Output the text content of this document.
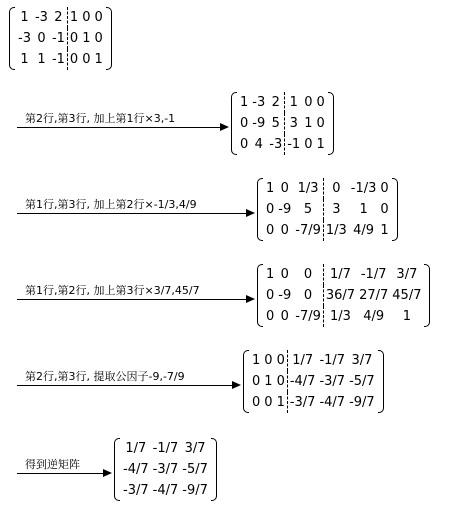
1	-3	2	1	0	0
-3	0	-1	0	1	0
1	1	-1	0	0	1
第2行,第3行, 加上第1行×3,-1
1	-3	2	1	0	0
0	-9	5	3	1	0
0	4	-3	-1	0	1
第1行,第3行, 加上第2行×-1/3,4/9
1	0	1/3	0	-1/3	0
0	-9	5	3	1	0
0	0	-7/9	1/3	4/9	1
第1行,第2行, 加上第3行×3/7,45/7
1	0	0	1/7	-1/7	3/7
0	-9	0	36/7	27/7	45/7
0	0	-7/9	1/3	4/9	1
第2行,第3行, 提取公因子-9,-7/9
1	0	0	1/7	-1/7	3/7
0	1	0	-4/7	-3/7	-5/7
0	0	1	-3/7	-4/7	-9/7
得到逆矩阵
1/7	-1/7	3/7
-4/7	-3/7	-5/7
-3/7	-4/7	-9/7
